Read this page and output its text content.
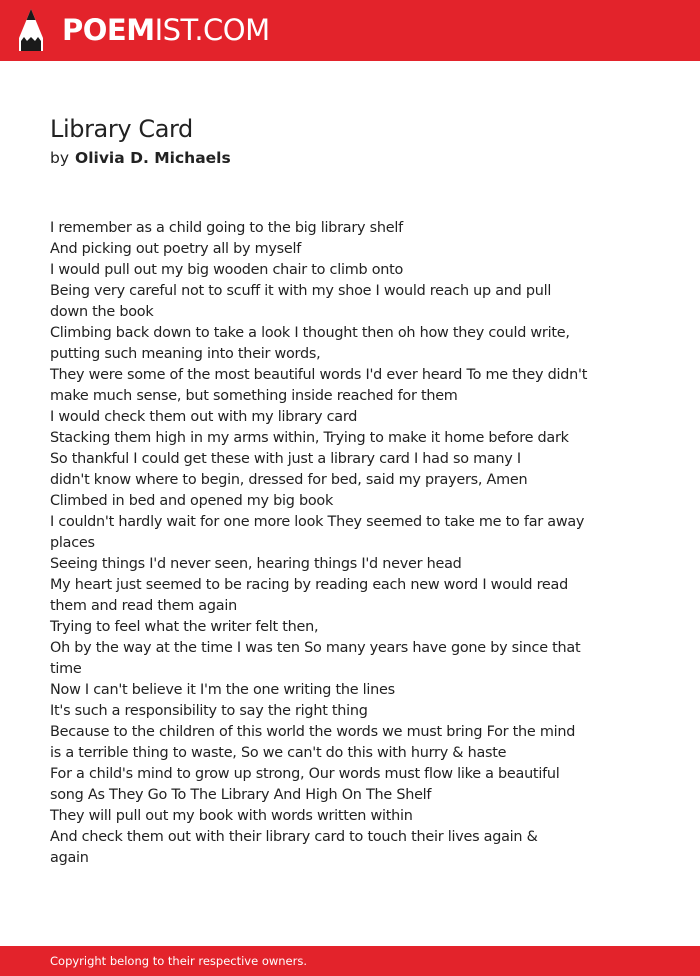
POEMIST.COM
Library Card
by Olivia D. Michaels
I remember as a child going to the big library shelf
And picking out poetry all by myself
I would pull out my big wooden chair to climb onto
Being very careful not to scuff it with my shoe I would reach up and pull
down the book
Climbing back down to take a look I thought then oh how they could write,
putting such meaning into their words,
They were some of the most beautiful words I'd ever heard To me they didn't
make much sense, but something inside reached for them
I would check them out with my library card
Stacking them high in my arms within, Trying to make it home before dark
So thankful I could get these with just a library card I had so many I
didn't know where to begin, dressed for bed, said my prayers, Amen
Climbed in bed and opened my big book
I couldn't hardly wait for one more look They seemed to take me to far away
places
Seeing things I'd never seen, hearing things I'd never head
My heart just seemed to be racing by reading each new word I would read
them and read them again
Trying to feel what the writer felt then,
Oh by the way at the time I was ten So many years have gone by since that
time
Now I can't believe it I'm the one writing the lines
It's such a responsibility to say the right thing
Because to the children of this world the words we must bring For the mind
is a terrible thing to waste, So we can't do this with hurry & haste
For a child's mind to grow up strong, Our words must flow like a beautiful
song As They Go To The Library And High On The Shelf
They will pull out my book with words written within
And check them out with their library card to touch their lives again &
again
Copyright belong to their respective owners.
